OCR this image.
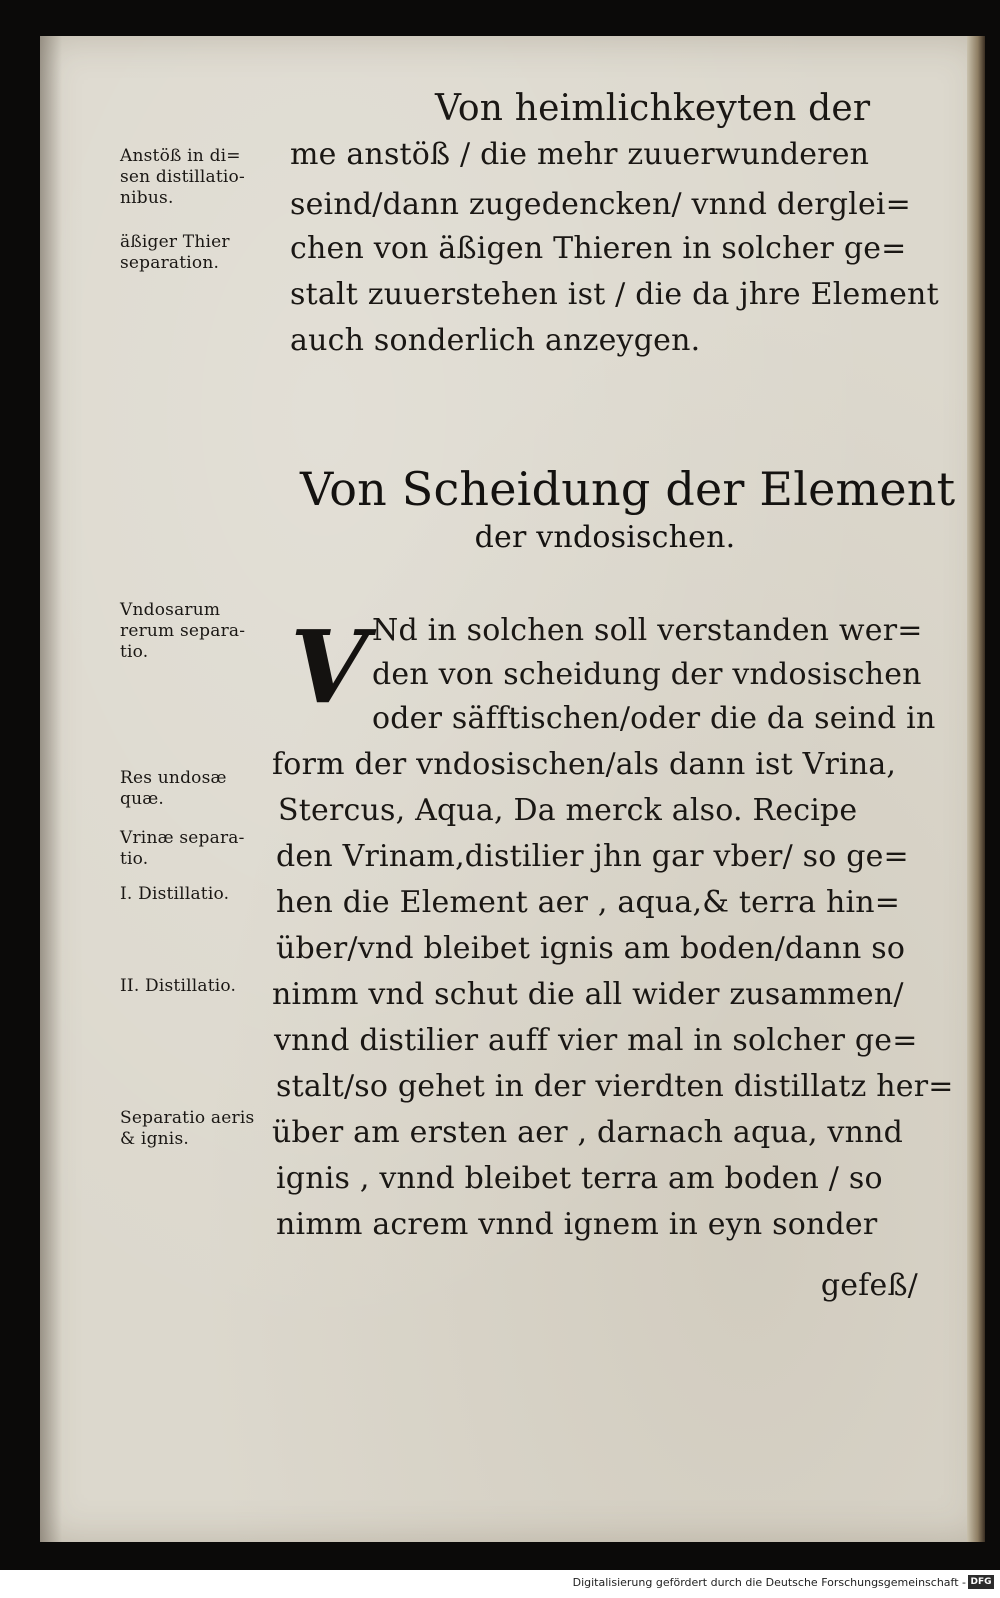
Von heimlichkeyten der
me anstöß / die mehr zuuerwunderen
seind/dann zugedencken/ vnnd derglei=
chen von äßigen Thieren in solcher ge=
stalt zuuerstehen ist / die da jhre Element
auch sonderlich anzeygen.
Von Scheidung der Element
der vndosischen.
V Nd in solchen soll verstanden wer=
den von scheidung der vndosischen
oder säfftischen/oder die da seind in
form der vndosischen/als dann ist Vrina,
Stercus, Aqua, Da merck also. Recipe
den Vrinam,distilier jhn gar vber/ so ge=
hen die Element aer , aqua,& terra hin=
über/vnd bleibet ignis am boden/dann so
nimm vnd schut die all wider zusammen/
vnnd distilier auff vier mal in solcher ge=
stalt/so gehet in der vierdten distillatz her=
über am ersten aer , darnach aqua, vnnd
ignis , vnnd bleibet terra am boden / so
nimm acrem vnnd ignem in eyn sonder
gefeß/
Anstöß in di=
sen distillatio-
nibus.
äßiger Thier
separation.
Vndosarum
rerum separa-
tio.
Res undosæ
quæ.
Vrinæ separa-
tio.
I. Distillatio.
II. Distillatio.
Separatio aeris
& ignis.
Digitalisierung gefördert durch die Deutsche Forschungsgemeinschaft - DFG
